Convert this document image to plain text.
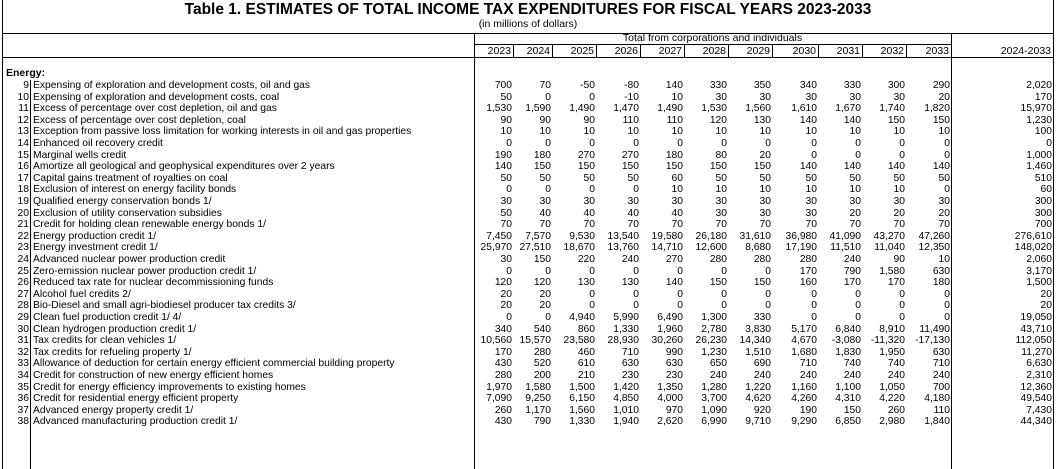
Table 1. ESTIMATES OF TOTAL INCOME TAX EXPENDITURES FOR FISCAL YEARS 2023-2033
(in millions of dollars)
Total from corporations and individuals
2023	2024	2025	2026	2027	2028	2029	2030	2031	2032	2033	2024-2033
Energy:
9 Expensing of exploration and development costs, oil and gas	700	70	-50	-80	140	330	350	340	330	300	290	2,020
10 Expensing of exploration and development costs, coal	50	0	0	-10	10	30	30	30	30	30	20	170
11 Excess of percentage over cost depletion, oil and gas	1,530	1,590	1,490	1,470	1,490	1,530	1,560	1,610	1,670	1,740	1,820	15,970
12 Excess of percentage over cost depletion, coal	90	90	90	110	110	120	130	140	140	150	150	1,230
13 Exception from passive loss limitation for working interests in oil and gas properties	10	10	10	10	10	10	10	10	10	10	10	100
14 Enhanced oil recovery credit	0	0	0	0	0	0	0	0	0	0	0	0
15 Marginal wells credit	190	180	270	270	180	80	20	0	0	0	0	1,000
16 Amortize all geological and geophysical expenditures over 2 years	140	150	150	150	150	150	150	140	140	140	140	1,460
17 Capital gains treatment of royalties on coal	50	50	50	50	60	50	50	50	50	50	50	510
18 Exclusion of interest on energy facility bonds	0	0	0	0	10	10	10	10	10	10	0	60
19 Qualified energy conservation bonds 1/	30	30	30	30	30	30	30	30	30	30	30	300
20 Exclusion of utility conservation subsidies	50	40	40	40	40	30	30	30	20	20	20	300
21 Credit for holding clean renewable energy bonds 1/	70	70	70	70	70	70	70	70	70	70	70	700
22 Energy production credit 1/	7,450	7,570	9,530	13,540	19,580	26,180	31,610	36,980	41,090	43,270	47,260	276,610
23 Energy investment credit 1/	25,970 27,510	18,670	13,760	14,710	12,600	8,680	17,190	11,510	11,040	12,350	148,020
24 Advanced nuclear power production credit	30	150	220	240	270	280	280	280	240	90	10	2,060
25 Zero-emission nuclear power production credit 1/	0	0	0	0	0	0	0	170	790	1,580	630	3,170
26 Reduced tax rate for nuclear decommissioning funds	120	120	130	130	140	150	150	160	170	170	180	1,500
27 Alcohol fuel credits 2/	20	20	0	0	0	0	0	0	0	0	0	20
28 Bio-Diesel and small agri-biodiesel producer tax credits 3/	20	20	0	0	0	0	0	0	0	0	0	20
29 Clean fuel production credit 1/ 4/	0	0	4,940	5,990	6,490	1,300	330	0	0	0	0	19,050
30 Clean hydrogen production credit 1/	340	540	860	1,330	1,960	2,780	3,830	5,170	6,840	8,910	11,490	43,710
31 Tax credits for clean vehicles 1/	10,560 15,570	23,580	28,930	30,260	26,230	14,340	4,670	-3,080 -11,320 -17,130	112,050
32 Tax credits for refueling property 1/	170	280	460	710	990	1,230	1,510	1,680	1,830	1,950	630	11,270
33 Allowance of deduction for certain energy efficient commercial building property	430	520	610	630	630	650	690	710	740	740	710	6,630
34 Credit for construction of new energy efficient homes	280	200	210	230	230	240	240	240	240	240	240	2,310
35 Credit for energy efficiency improvements to existing homes	1,970	1,580	1,500	1,420	1,350	1,280	1,220	1,160	1,100	1,050	700	12,360
36 Credit for residential energy efficient property	7,090	9,250	6,150	4,850	4,000	3,700	4,620	4,260	4,310	4,220	4,180	49,540
37 Advanced energy property credit 1/	260	1,170	1,560	1,010	970	1,090	920	190	150	260	110	7,430
38 Advanced manufacturing production credit 1/	430	790	1,330	1,940	2,620	6,990	9,710	9,290	6,850	2,980	1,840	44,340
